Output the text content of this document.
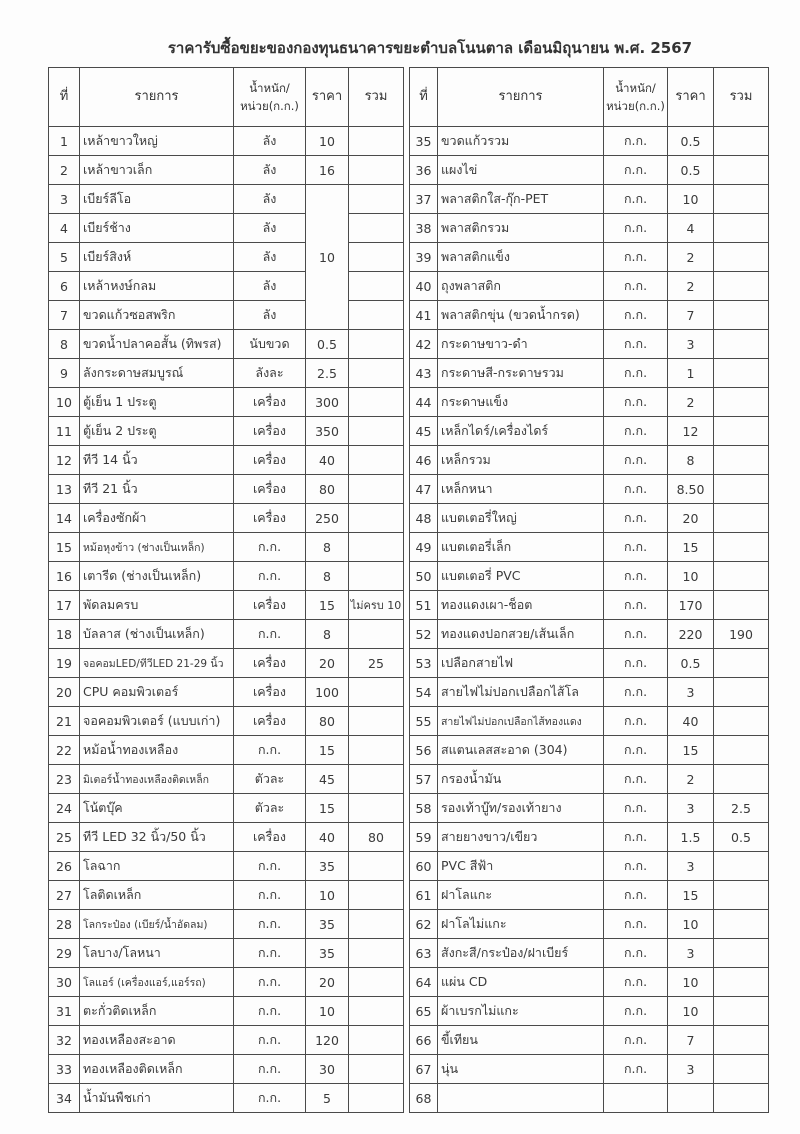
ราคารับซื้อขยะของกองทุนธนาคารขยะตำบลโนนตาล เดือนมิถุนายน พ.ศ. 2567
ที่	รายการ	น้ำหนัก/
หน่วย(ก.ก.)	ราคา	รวม
1	เหล้าขาวใหญ่	ลัง	10	
2	เหล้าขาวเล็ก	ลัง	16	
3	เบียร์ลีโอ	ลัง	10	
4	เบียร์ช้าง	ลัง		
5	เบียร์สิงห์	ลัง		
6	เหล้าหงษ์กลม	ลัง		
7	ขวดแก้วซอสพริก	ลัง		
8	ขวดน้ำปลาคอสั้น (ทิพรส)	นับขวด	0.5	
9	ลังกระดาษสมบูรณ์	ลังละ	2.5	
10	ตู้เย็น 1 ประตู	เครื่อง	300	
11	ตู้เย็น 2 ประตู	เครื่อง	350	
12	ทีวี 14 นิ้ว	เครื่อง	40	
13	ทีวี 21 นิ้ว	เครื่อง	80	
14	เครื่องซักผ้า	เครื่อง	250	
15	หม้อหุงข้าว (ช่างเป็นเหล็ก)	ก.ก.	8	
16	เตารีด (ช่างเป็นเหล็ก)	ก.ก.	8	
17	พัดลมครบ	เครื่อง	15	ไม่ครบ 10
18	บัลลาส (ช่างเป็นเหล็ก)	ก.ก.	8	
19	จอคอมLED/ทีวีLED 21-29 นิ้ว	เครื่อง	20	25
20	CPU คอมพิวเตอร์	เครื่อง	100	
21	จอคอมพิวเตอร์ (แบบเก่า)	เครื่อง	80	
22	หม้อน้ำทองเหลือง	ก.ก.	15	
23	มิเตอร์น้ำทองเหลืองติดเหล็ก	ตัวละ	45	
24	โน้ตบุ๊ค	ตัวละ	15	
25	ทีวี LED 32 นิ้ว/50 นิ้ว	เครื่อง	40	80
26	โลฉาก	ก.ก.	35	
27	โลติดเหล็ก	ก.ก.	10	
28	โลกระป๋อง (เบียร์/น้ำอัดลม)	ก.ก.	35	
29	โลบาง/โลหนา	ก.ก.	35	
30	โลแอร์ (เครื่องแอร์,แอร์รถ)	ก.ก.	20	
31	ตะกั่วติดเหล็ก	ก.ก.	10	
32	ทองเหลืองสะอาด	ก.ก.	120	
33	ทองเหลืองติดเหล็ก	ก.ก.	30	
34	น้ำมันพืชเก่า	ก.ก.	5	
ที่	รายการ	น้ำหนัก/
หน่วย(ก.ก.)	ราคา	รวม
35	ขวดแก้วรวม	ก.ก.	0.5	
36	แผงไข่	ก.ก.	0.5	
37	พลาสติกใส-กุ๊ก-PET	ก.ก.	10	
38	พลาสติกรวม	ก.ก.	4	
39	พลาสติกแข็ง	ก.ก.	2	
40	ถุงพลาสติก	ก.ก.	2	
41	พลาสติกขุ่น (ขวดน้ำกรด)	ก.ก.	7	
42	กระดาษขาว-ดำ	ก.ก.	3	
43	กระดาษสี-กระดาษรวม	ก.ก.	1	
44	กระดาษแข็ง	ก.ก.	2	
45	เหล็กไดร์/เครื่องไดร์	ก.ก.	12	
46	เหล็กรวม	ก.ก.	8	
47	เหล็กหนา	ก.ก.	8.50	
48	แบตเตอรี่ใหญ่	ก.ก.	20	
49	แบตเตอรี่เล็ก	ก.ก.	15	
50	แบตเตอรี่ PVC	ก.ก.	10	
51	ทองแดงเผา-ช็อต	ก.ก.	170	
52	ทองแดงปอกสวย/เส้นเล็ก	ก.ก.	220	190
53	เปลือกสายไฟ	ก.ก.	0.5	
54	สายไฟไม่ปอกเปลือกไส้โล	ก.ก.	3	
55	สายไฟไม่ปอกเปลือกไส้ทองแดง	ก.ก.	40	
56	สแตนเลสสะอาด (304)	ก.ก.	15	
57	กรองน้ำมัน	ก.ก.	2	
58	รองเท้าบู๊ท/รองเท้ายาง	ก.ก.	3	2.5
59	สายยางขาว/เขียว	ก.ก.	1.5	0.5
60	PVC สีฟ้า	ก.ก.	3	
61	ฝาโลแกะ	ก.ก.	15	
62	ฝาโลไม่แกะ	ก.ก.	10	
63	สังกะสี/กระป๋อง/ฝาเบียร์	ก.ก.	3	
64	แผ่น CD	ก.ก.	10	
65	ผ้าเบรกไม่แกะ	ก.ก.	10	
66	ขี้เทียน	ก.ก.	7	
67	นุ่น	ก.ก.	3	
68				
